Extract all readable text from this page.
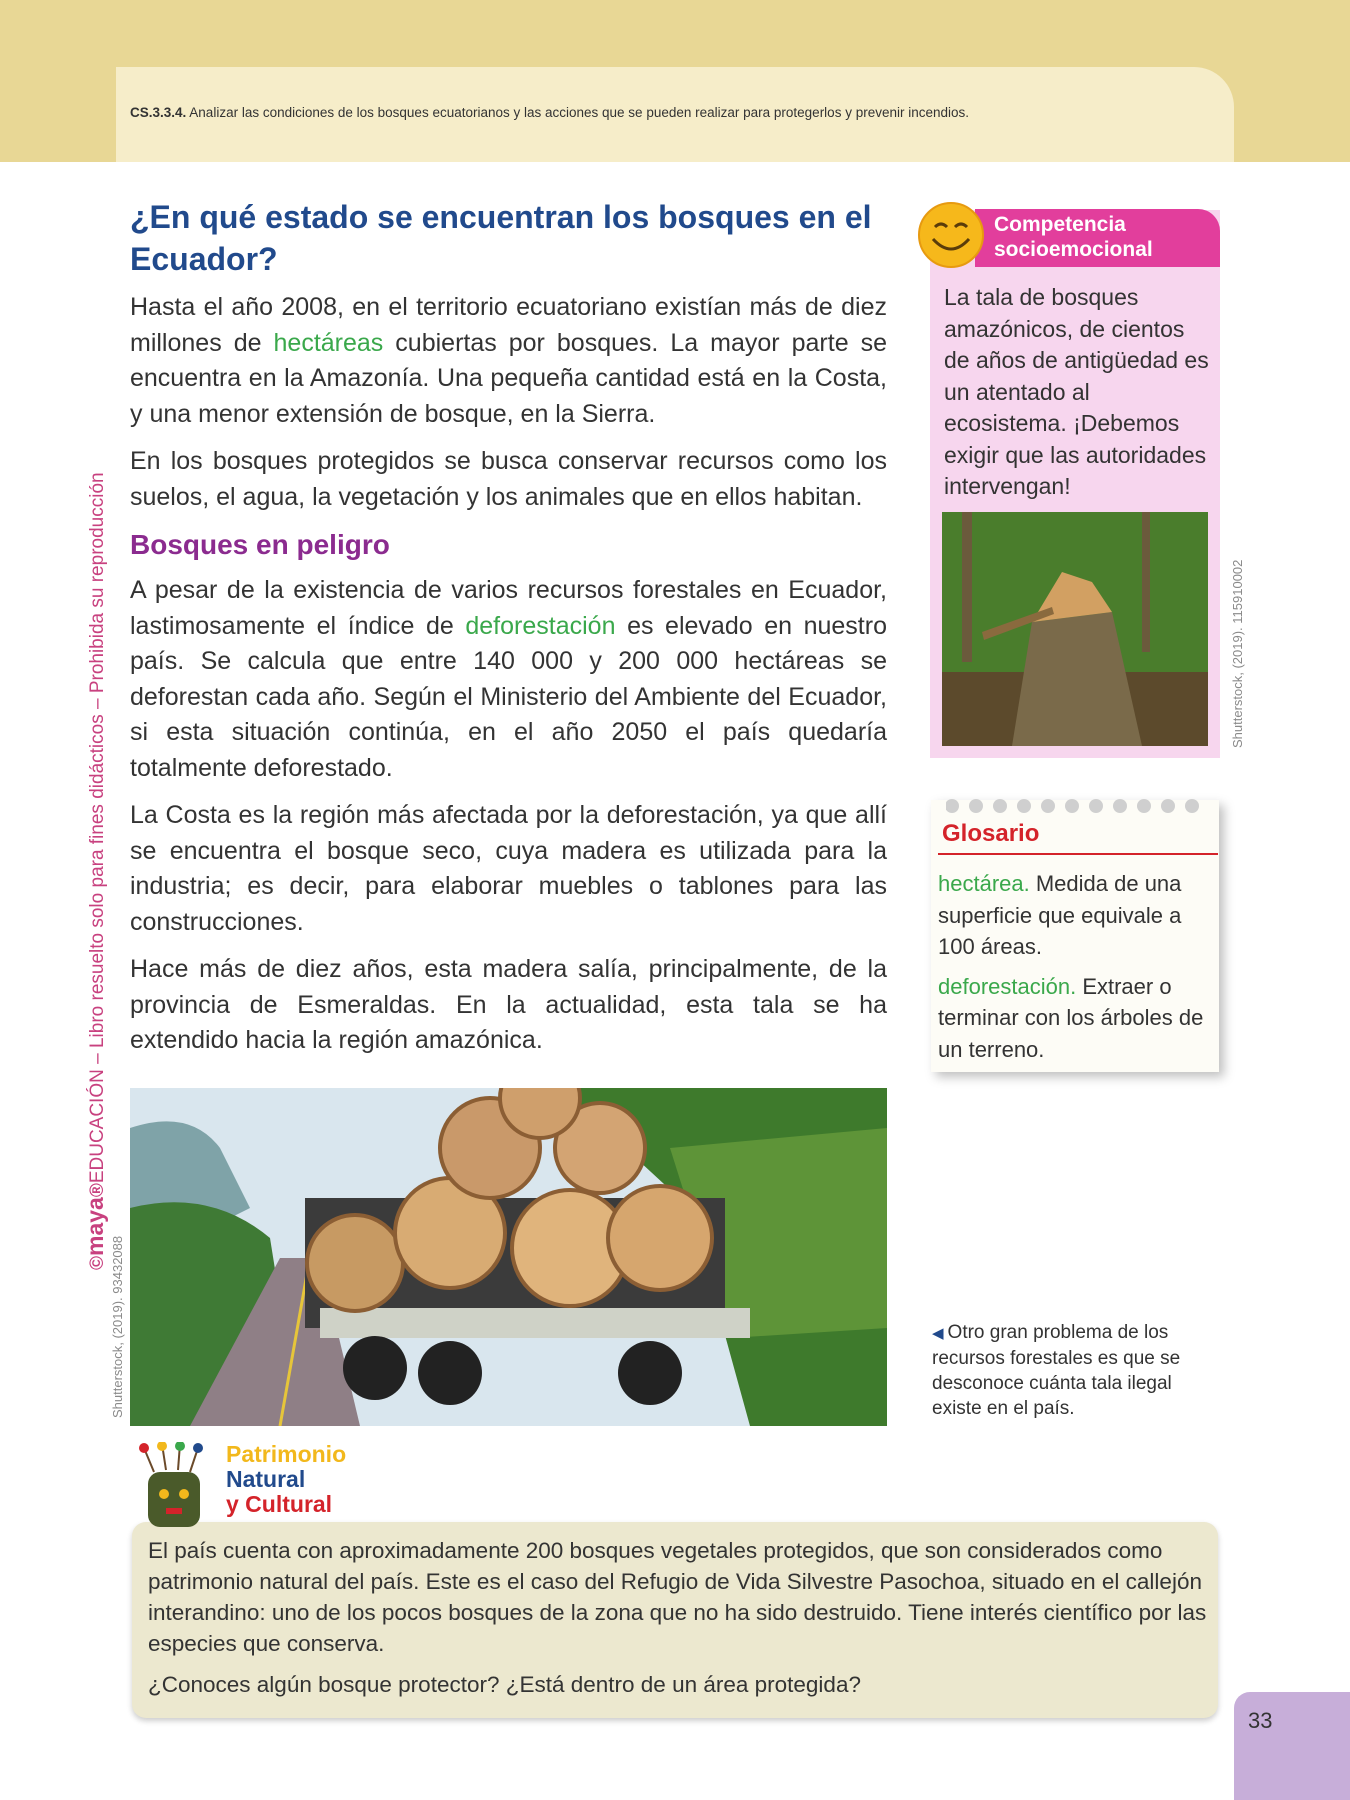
CS.3.3.4. Analizar las condiciones de los bosques ecuatorianos y las acciones que se pueden realizar para protegerlos y prevenir incendios.
©maya®EDUCACIÓN – Libro resuelto solo para fines didácticos – Prohibida su reproducción
Shutterstock, (2019). 93432088
Shutterstock, (2019). 115910002
¿En qué estado se encuentran los bosques en el Ecuador?

Hasta el año 2008, en el territorio ecuatoriano existían más de diez millones de hectáreas cubiertas por bosques. La mayor parte se encuentra en la Amazonía. Una pequeña cantidad está en la Costa, y una menor extensión de bosque, en la Sierra.

En los bosques protegidos se busca conservar recursos como los suelos, el agua, la vegetación y los animales que en ellos habitan.

Bosques en peligro

A pesar de la existencia de varios recursos forestales en Ecuador, lastimosamente el índice de deforestación es elevado en nuestro país. Se calcula que entre 140 000 y 200 000 hectáreas se deforestan cada año. Según el Ministerio del Ambiente del Ecuador, si esta situación continúa, en el año 2050 el país quedaría totalmente deforestado.

La Costa es la región más afectada por la deforestación, ya que allí se encuentra el bosque seco, cuya madera es utilizada para la industria; es decir, para elaborar muebles o tablones para las construcciones.

Hace más de diez años, esta madera salía, principalmente, de la provincia de Esmeraldas. En la actualidad, esta tala se ha extendido hacia la región amazónica.

Competencia
socioemocional
La tala de bosques amazónicos, de cientos de años de antigüedad es un atentado al ecosistema. ¡Debemos exigir que las autoridades intervengan!
Glosario

hectárea. Medida de una superficie que equivale a 100 áreas.

deforestación. Extraer o terminar con los árboles de un terreno.

◀ Otro gran problema de los recursos forestales es que se desconoce cuánta tala ilegal existe en el país.
Patrimonio
Natural
y Cultural

El país cuenta con aproximadamente 200 bosques vegetales protegidos, que son considerados como patrimonio natural del país. Este es el caso del Refugio de Vida Silvestre Pasochoa, situado en el callejón interandino: uno de los pocos bosques de la zona que no ha sido destruido. Tiene interés científico por las especies que conserva.

¿Conoces algún bosque protector? ¿Está dentro de un área protegida?

33
